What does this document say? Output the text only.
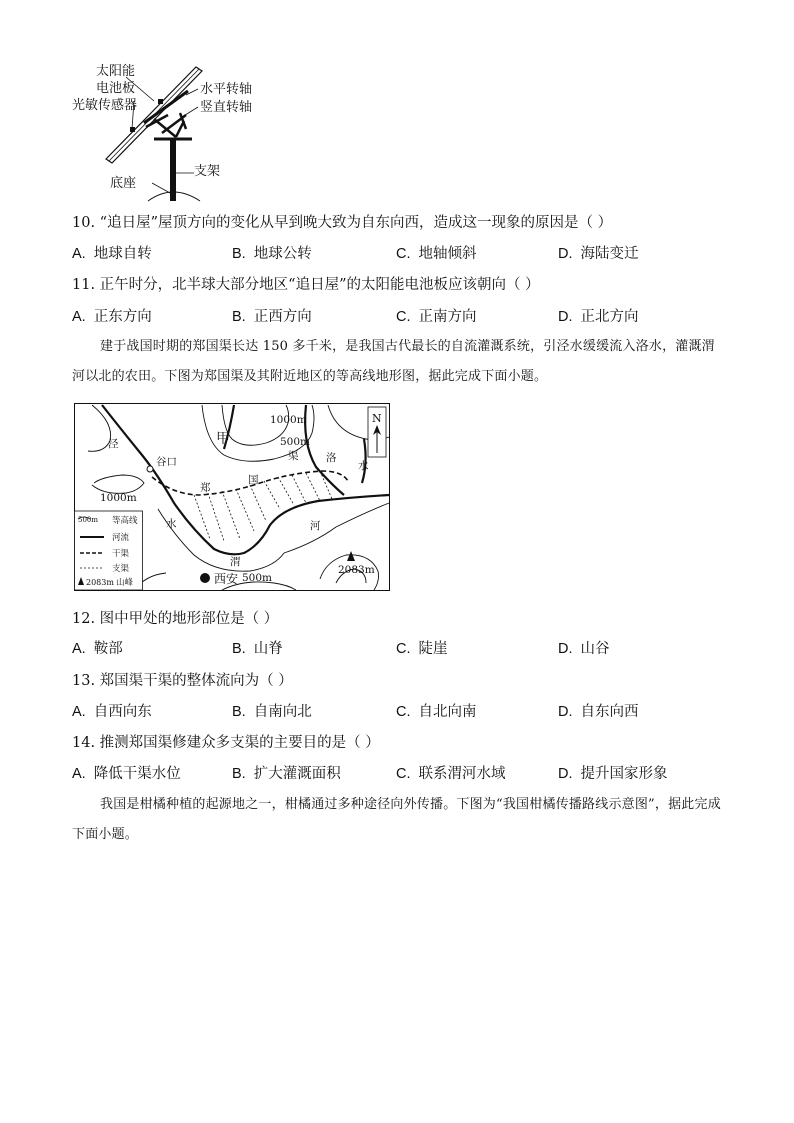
太阳能
电池板
光敏传感器
水平转轴
竖直转轴
支架
底座
10. “追日屋”屋顶方向的变化从早到晚大致为自东向西，造成这一现象的原因是（ ）
A. 地球自转	B. 地球公转	C. 地轴倾斜	D. 海陆变迁
11. 正午时分，北半球大部分地区“追日屋”的太阳能电池板应该朝向（ ）
A. 正东方向	B. 正西方向	C. 正南方向	D. 正北方向
建于战国时期的郑国渠长达 150 多千米，是我国古代最长的自流灌溉系统，引泾水缓缓流入洛水，灌溉渭河以北的农田。下图为郑国渠及其附近地区的等高线地形图，据此完成下面小题。
N
1000m
500m
1000m
500m
甲
谷口
泾
水
郑
国
渠	洛
水
河
渭
西安
2083m
500m 等高线
河流
干渠
支渠
2083m 山峰
12. 图中甲处的地形部位是（ ）
A. 鞍部	B. 山脊	C. 陡崖	D. 山谷
13. 郑国渠干渠的整体流向为（ ）
A. 自西向东	B. 自南向北	C. 自北向南	D. 自东向西
14. 推测郑国渠修建众多支渠的主要目的是（ ）
A. 降低干渠水位	B. 扩大灌溉面积	C. 联系渭河水域	D. 提升国家形象
我国是柑橘种植的起源地之一，柑橘通过多种途径向外传播。下图为“我国柑橘传播路线示意图”，据此完成下面小题。
